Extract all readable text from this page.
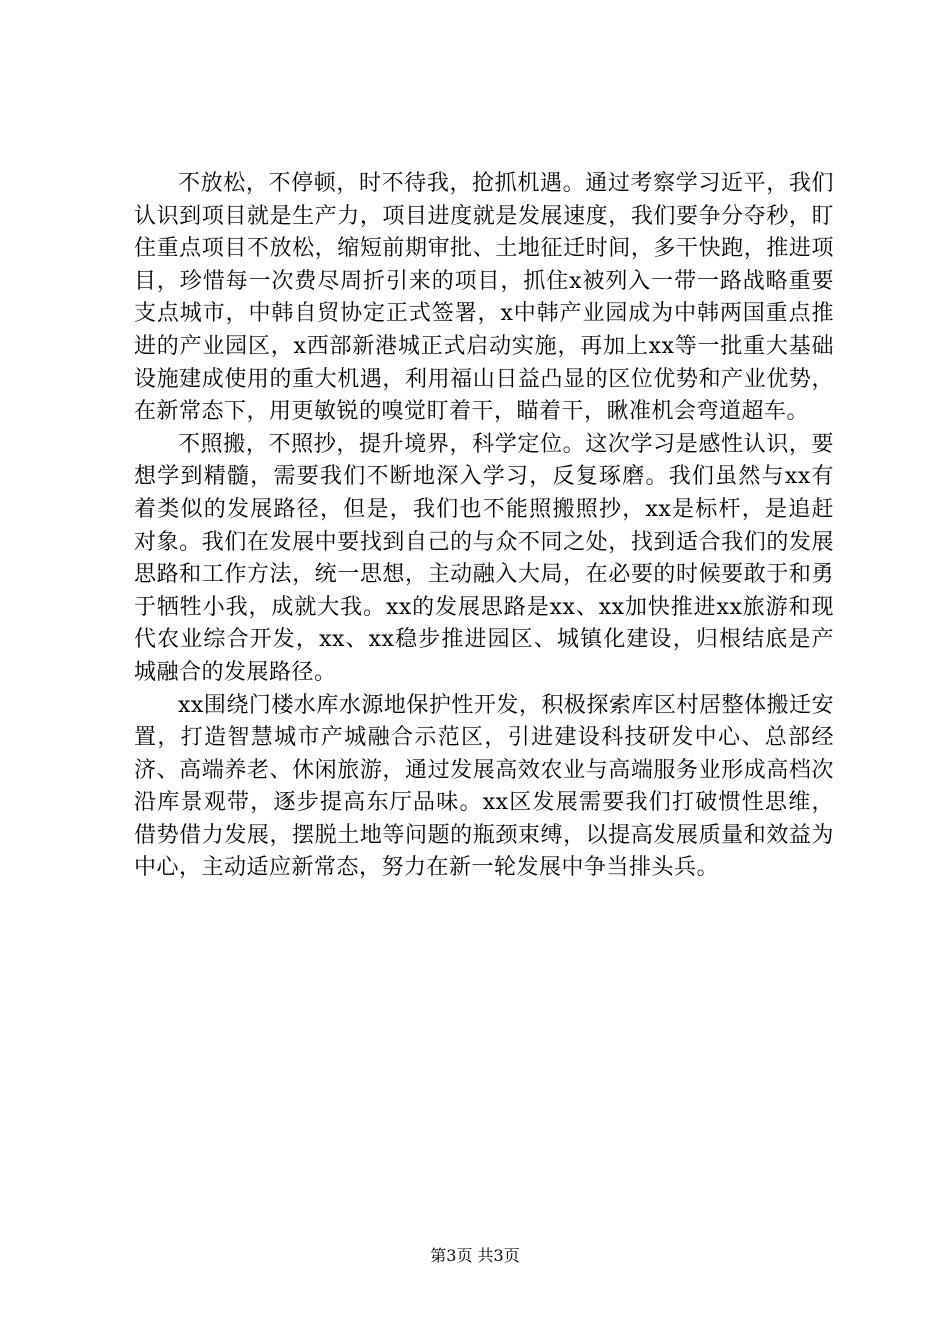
不放松，不停顿，时不待我，抢抓机遇。通过考察学习近平，我们认识到项目就是生产力，项目进度就是发展速度，我们要争分夺秒，盯住重点项目不放松，缩短前期审批、土地征迁时间，多干快跑，推进项目，珍惜每一次费尽周折引来的项目，抓住x被列入一带一路战略重要支点城市，中韩自贸协定正式签署，x中韩产业园成为中韩两国重点推进的产业园区，x西部新港城正式启动实施，再加上xx等一批重大基础设施建成使用的重大机遇，利用福山日益凸显的区位优势和产业优势，在新常态下，用更敏锐的嗅觉盯着干，瞄着干，瞅准机会弯道超车。

不照搬，不照抄，提升境界，科学定位。这次学习是感性认识，要想学到精髓，需要我们不断地深入学习，反复琢磨。我们虽然与xx有着类似的发展路径，但是，我们也不能照搬照抄，xx是标杆，是追赶对象。我们在发展中要找到自己的与众不同之处，找到适合我们的发展思路和工作方法，统一思想，主动融入大局，在必要的时候要敢于和勇于牺牲小我，成就大我。xx的发展思路是xx、xx加快推进xx旅游和现代农业综合开发，xx、xx稳步推进园区、城镇化建设，归根结底是产城融合的发展路径。

xx围绕门楼水库水源地保护性开发，积极探索库区村居整体搬迁安置，打造智慧城市产城融合示范区，引进建设科技研发中心、总部经济、高端养老、休闲旅游，通过发展高效农业与高端服务业形成高档次沿库景观带，逐步提高东厅品味。xx区发展需要我们打破惯性思维，借势借力发展，摆脱土地等问题的瓶颈束缚，以提高发展质量和效益为中心，主动适应新常态，努力在新一轮发展中争当排头兵。

第3页 共3页
